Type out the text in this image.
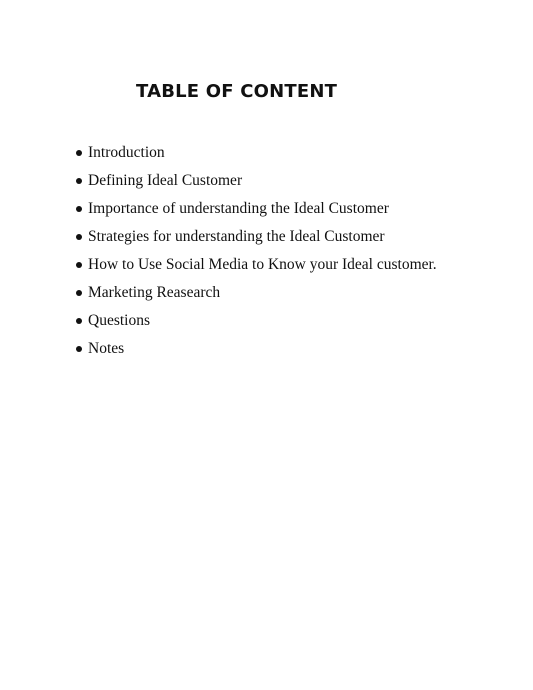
TABLE OF CONTENT
Introduction
Defining Ideal Customer
Importance of understanding the Ideal Customer
Strategies for understanding the Ideal Customer
How to Use Social Media to Know your Ideal customer.
Marketing Reasearch
Questions
Notes
